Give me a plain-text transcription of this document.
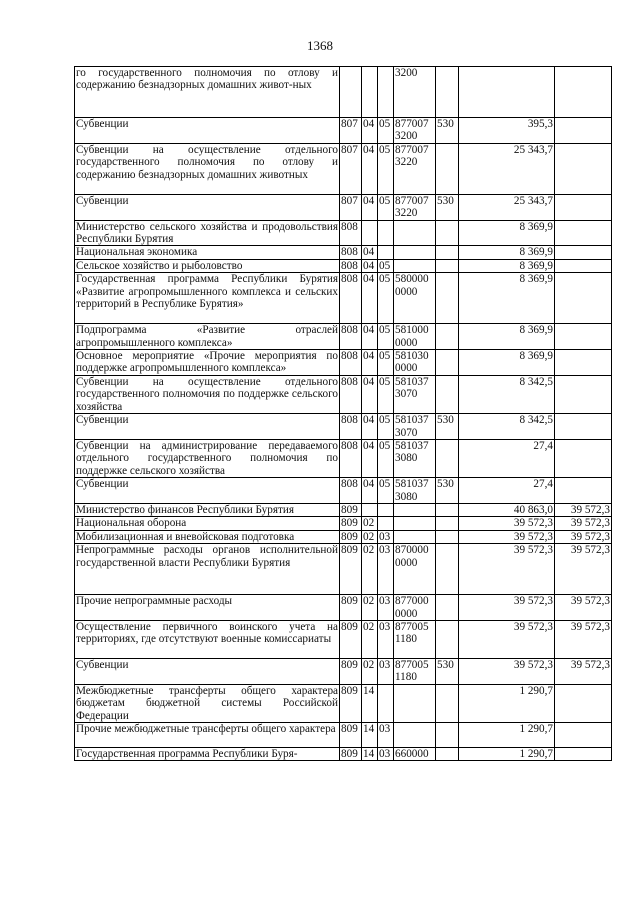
1368
го государственного полномочия по отлову и содержанию безнадзорных домашних живот-ных				3200			
Субвенции	807	04	05	877007 3200	530	395,3	
Субвенции на осуществление отдельного государственного полномочия по отлову и содержанию безнадзорных домашних животных	807	04	05	877007 3220		25 343,7	
Субвенции	807	04	05	877007 3220	530	25 343,7	
Министерство сельского хозяйства и продовольствия Республики Бурятия	808					8 369,9	
Национальная экономика	808	04				8 369,9	
Сельское хозяйство и рыболовство	808	04	05			8 369,9	
Государственная программа Республики Бурятия «Развитие агропромышленного комплекса и сельских территорий в Республике Бурятия»	808	04	05	580000 0000		8 369,9	
Подпрограмма «Развитие отраслей агропромышленного комплекса»	808	04	05	581000 0000		8 369,9	
Основное мероприятие «Прочие мероприятия по поддержке агропромышленного комплекса»	808	04	05	581030 0000		8 369,9	
Субвенции на осуществление отдельного государственного полномочия по поддержке сельского хозяйства	808	04	05	581037 3070		8 342,5	
Субвенции	808	04	05	581037 3070	530	8 342,5	
Субвенции на администрирование передаваемого отдельного государственного полномочия по поддержке сельского хозяйства	808	04	05	581037 3080		27,4	
Субвенции	808	04	05	581037 3080	530	27,4	
Министерство финансов Республики Бурятия	809					40 863,0	39 572,3
Национальная оборона	809	02				39 572,3	39 572,3
Мобилизационная и вневойсковая подготовка	809	02	03			39 572,3	39 572,3
Непрограммные расходы органов исполнительной государственной власти Республики Бурятия	809	02	03	870000 0000		39 572,3	39 572,3
Прочие непрограммные расходы	809	02	03	877000 0000		39 572,3	39 572,3
Осуществление первичного воинского учета на территориях, где отсутствуют военные комиссариаты	809	02	03	877005 1180		39 572,3	39 572,3
Субвенции	809	02	03	877005 1180	530	39 572,3	39 572,3
Межбюджетные трансферты общего характера бюджетам бюджетной системы Российской Федерации	809	14				1 290,7	
Прочие межбюджетные трансферты общего характера	809	14	03			1 290,7	
Государственная программа Республики Буря-	809	14	03	660000		1 290,7	
